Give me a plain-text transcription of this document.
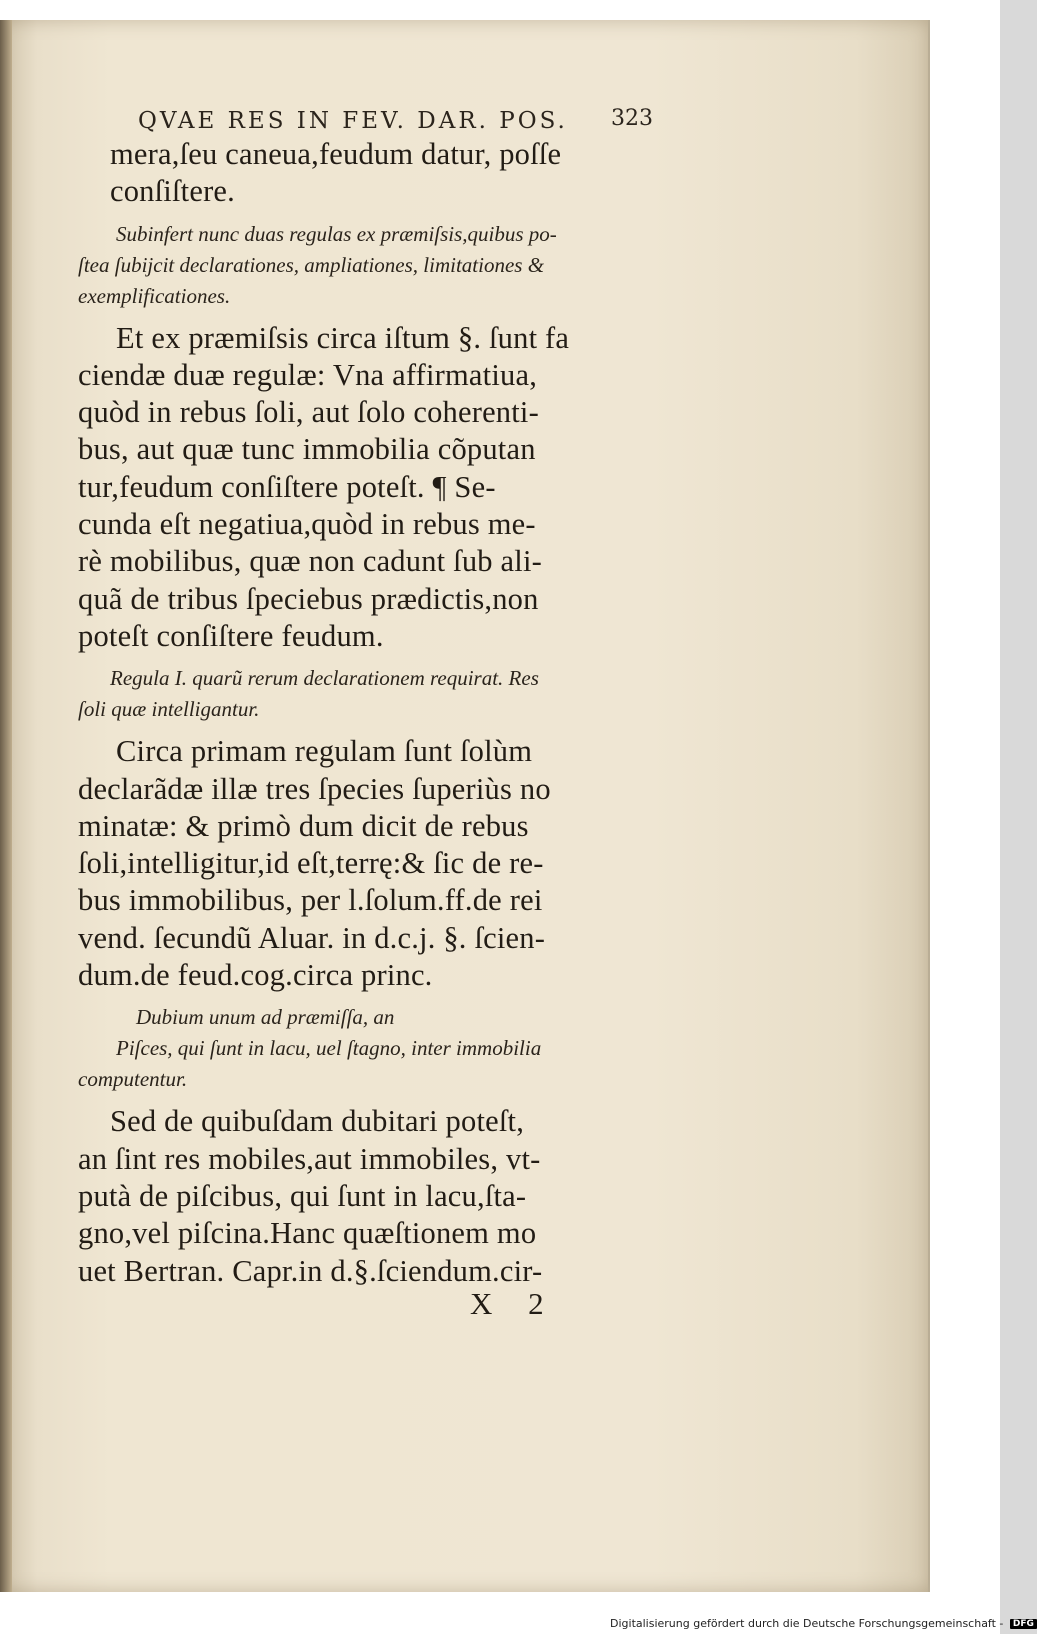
QVAE RES IN FEV. DAR. POS.	323
mera,ſeu caneua,feudum datur, poſſe
conſiſtere.
Subinfert nunc duas regulas ex præmiſsis,quibus po-
ſtea ſubijcit declarationes, ampliationes, limitationes &
exemplificationes.
Et ex præmiſsis circa iſtum §. ſunt fa
ciendæ duæ regulæ: Vna affirmatiua,
quòd in rebus ſoli, aut ſolo coherenti-
bus, aut quæ tunc immobilia cõputan
tur,feudum conſiſtere poteſt. ¶ Se-
cunda eſt negatiua,quòd in rebus me-
rè mobilibus, quæ non cadunt ſub ali-
quã de tribus ſpeciebus prædictis,non
poteſt conſiſtere feudum.
Regula I. quarũ rerum declarationem requirat. Res
ſoli quæ intelligantur.
Circa primam regulam ſunt ſolùm
declarãdæ illæ tres ſpecies ſuperiùs no
minatæ: & primò dum dicit de rebus
ſoli,intelligitur,id eſt,terrę:& ſic de re-
bus immobilibus, per l.ſolum.ff.de rei
vend. ſecundũ Aluar. in d.c.j. §. ſcien-
dum.de feud.cog.circa princ.
Dubium unum ad præmiſſa, an
Piſces, qui ſunt in lacu, uel ſtagno, inter immobilia
computentur.
Sed de quibuſdam dubitari poteſt,
an ſint res mobiles,aut immobiles, vt-
putà de piſcibus, qui ſunt in lacu,ſta-
gno,vel piſcina.Hanc quæſtionem mo
uet Bertran. Capr.in d.§.ſciendum.cir-
X 2
Digitalisierung gefördert durch die Deutsche Forschungsgemeinschaft - DFG
